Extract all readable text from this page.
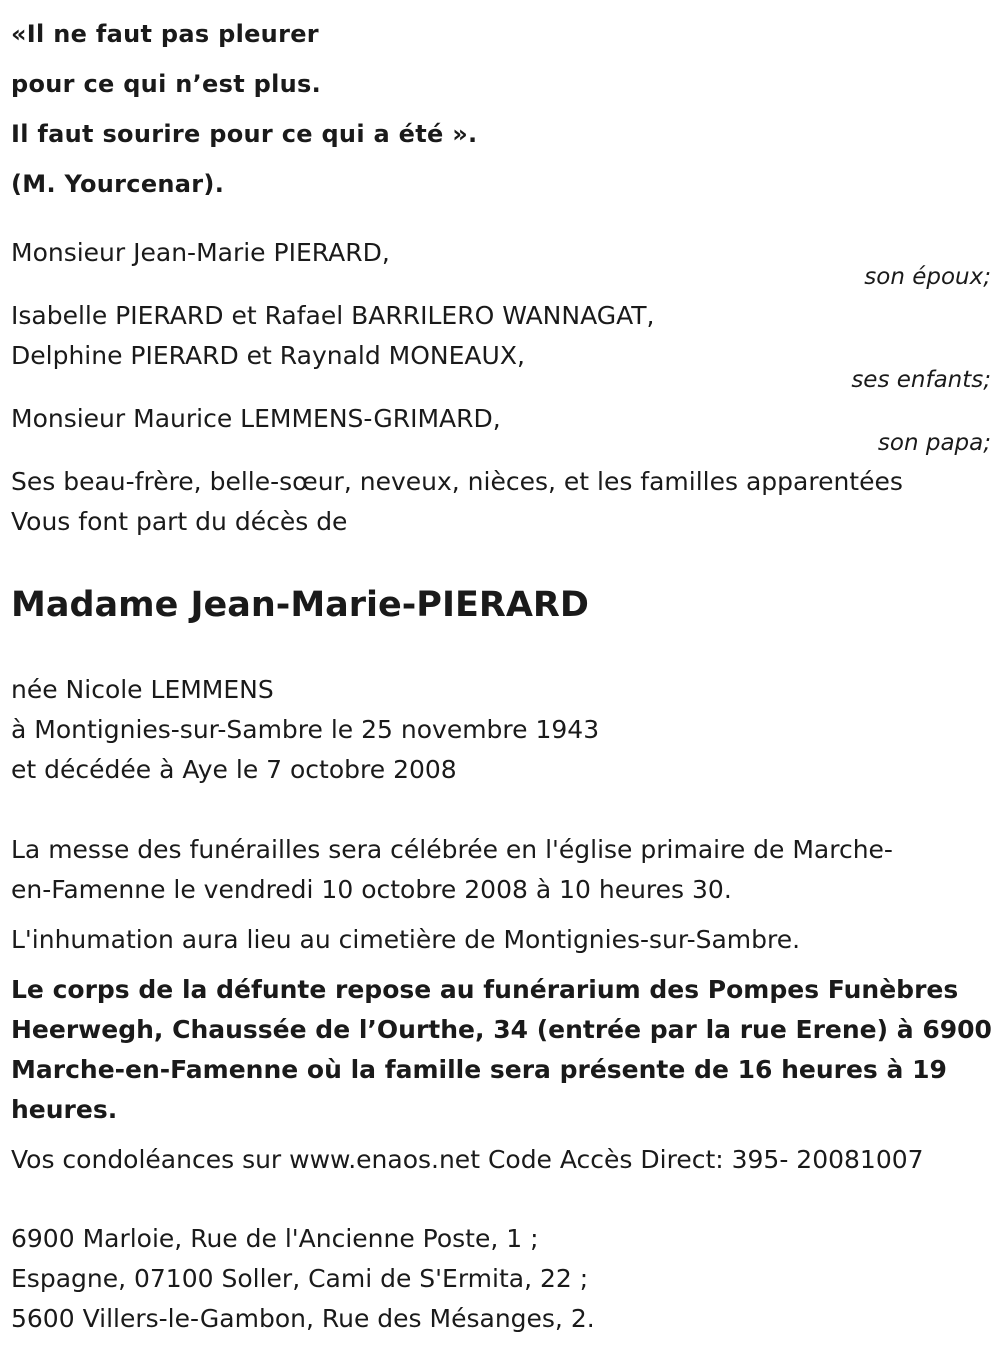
«Il ne faut pas pleurer
pour ce qui n’est plus.
Il faut sourire pour ce qui a été ».
(M. Yourcenar).

Monsieur Jean-Marie PIERARD,

son époux;

Isabelle PIERARD et Rafael BARRILERO WANNAGAT,

Delphine PIERARD et Raynald MONEAUX,

ses enfants;

Monsieur Maurice LEMMENS-GRIMARD,

son papa;

Ses beau-frère, belle-sœur, neveux, nièces, et les familles apparentées

Vous font part du décès de

Madame Jean-Marie-PIERARD

née Nicole LEMMENS

à Montignies-sur-Sambre le 25 novembre 1943

et décédée à Aye le 7 octobre 2008

La messe des funérailles sera célébrée en l'église primaire de Marche-
en-Famenne le vendredi 10 octobre 2008 à 10 heures 30.

L'inhumation aura lieu au cimetière de Montignies-sur-Sambre.

Le corps de la défunte repose au funérarium des Pompes Funèbres
Heerwegh, Chaussée de l’Ourthe, 34 (entrée par la rue Erene) à 6900
Marche-en-Famenne où la famille sera présente de 16 heures à 19
heures.

Vos condoléances sur www.enaos.net Code Accès Direct: 395- 20081007

6900 Marloie, Rue de l'Ancienne Poste, 1 ;

Espagne, 07100 Soller, Cami de S'Ermita, 22 ;

5600 Villers-le-Gambon, Rue des Mésanges, 2.
